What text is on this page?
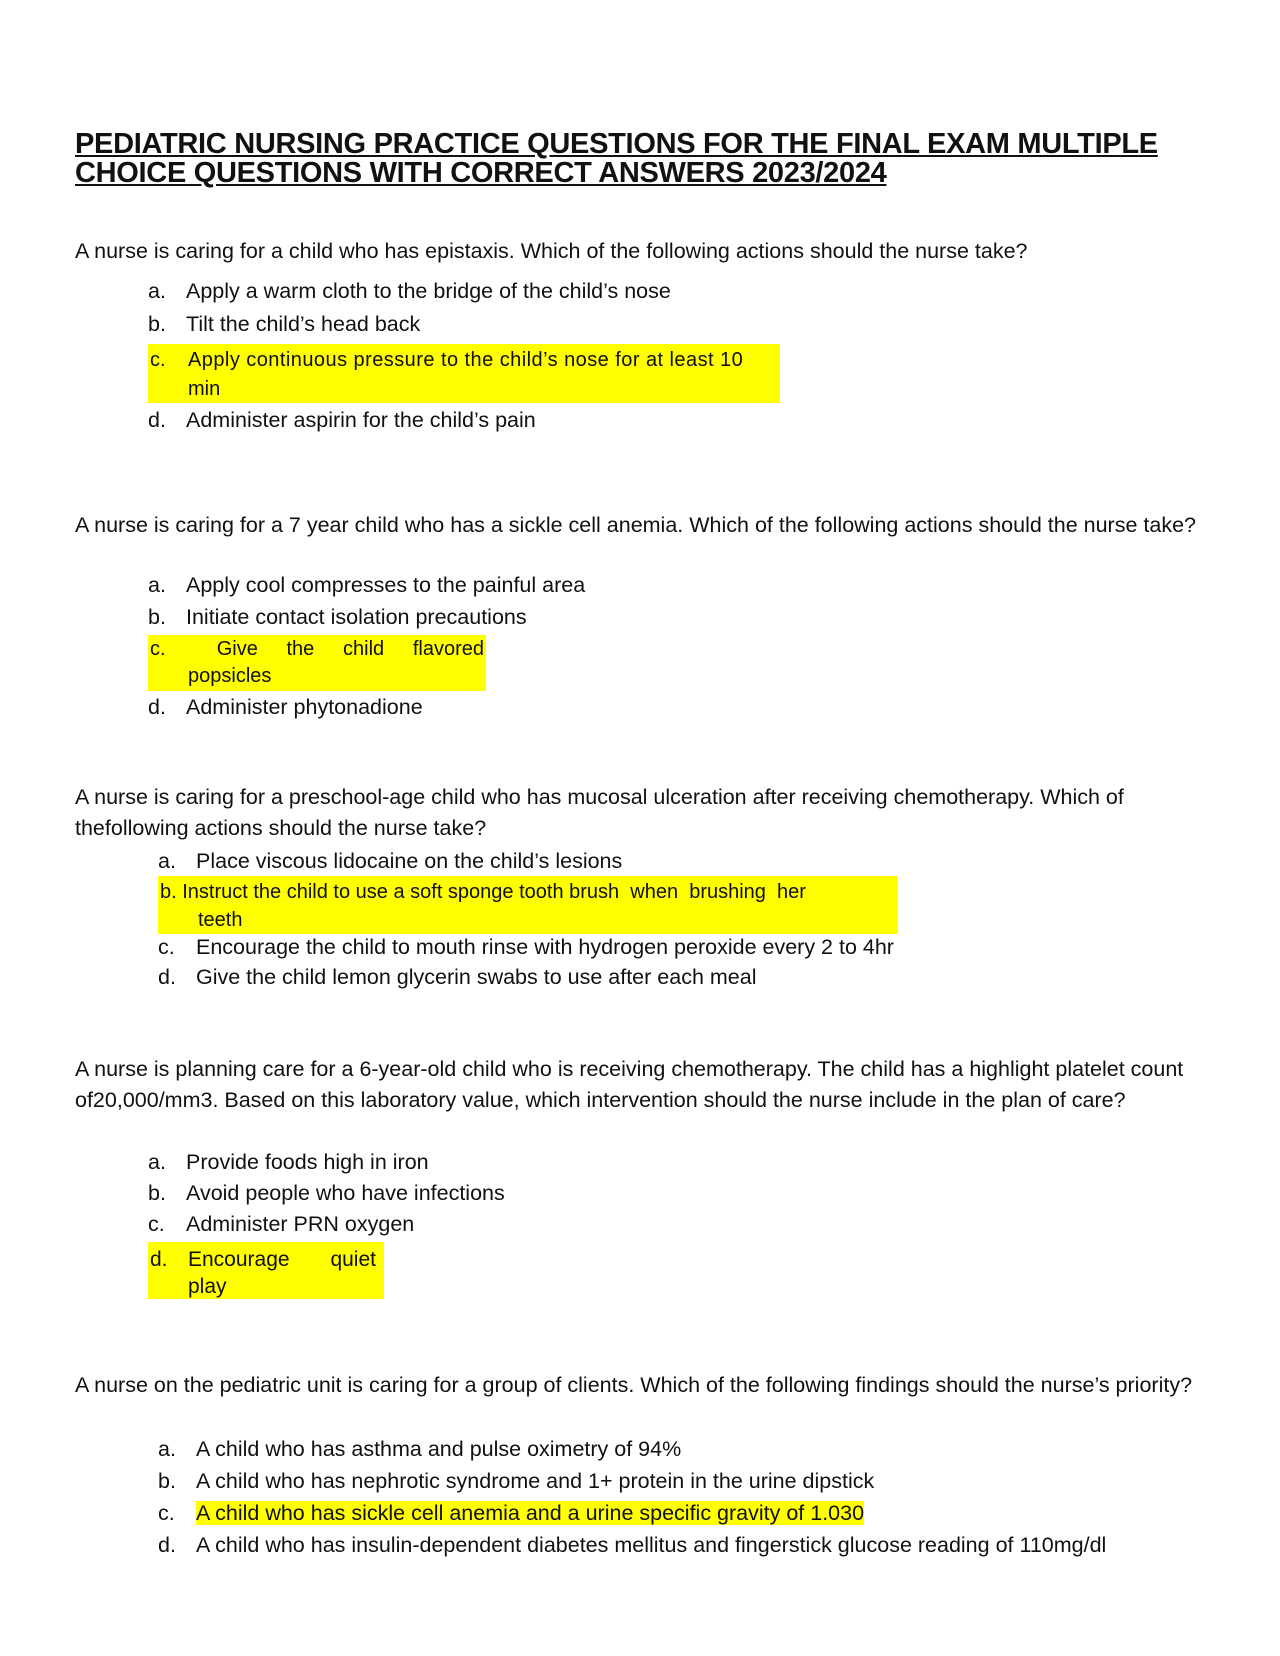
PEDIATRIC NURSING PRACTICE QUESTIONS FOR THE FINAL EXAM MULTIPLE
CHOICE QUESTIONS WITH CORRECT ANSWERS 2023/2024
A nurse is caring for a child who has epistaxis. Which of the following actions should the nurse take?
a. Apply a warm cloth to the bridge of the child’s nose
b. Tilt the child’s head back
c. Apply continuous pressure to the child’s nose for at least 10
min
d. Administer aspirin for the child’s pain
A nurse is caring for a 7 year child who has a sickle cell anemia. Which of the following actions should the nurse take?
a. Apply cool compresses to the painful area
b. Initiate contact isolation precautions
c.	Give the child flavored
popsicles
d. Administer phytonadione
A nurse is caring for a preschool-age child who has mucosal ulceration after receiving chemotherapy. Which of thefollowing actions should the nurse take?
a. Place viscous lidocaine on the child’s lesions
b. Instruct the child to use a soft sponge tooth brush  when  brushing  her
teeth
c. Encourage the child to mouth rinse with hydrogen peroxide every 2 to 4hr
d. Give the child lemon glycerin swabs to use after each meal
A nurse is planning care for a 6-year-old child who is receiving chemotherapy. The child has a highlight platelet count of20,000/mm3. Based on this laboratory value, which intervention should the nurse include in the plan of care?
a. Provide foods high in iron
b. Avoid people who have infections
c. Administer PRN oxygen
d. Encourage quiet
play
A nurse on the pediatric unit is caring for a group of clients. Which of the following findings should the nurse’s priority?
a. A child who has asthma and pulse oximetry of 94%
b. A child who has nephrotic syndrome and 1+ protein in the urine dipstick
c. A child who has sickle cell anemia and a urine specific gravity of 1.030
d. A child who has insulin-dependent diabetes mellitus and fingerstick glucose reading of 110mg/dl
